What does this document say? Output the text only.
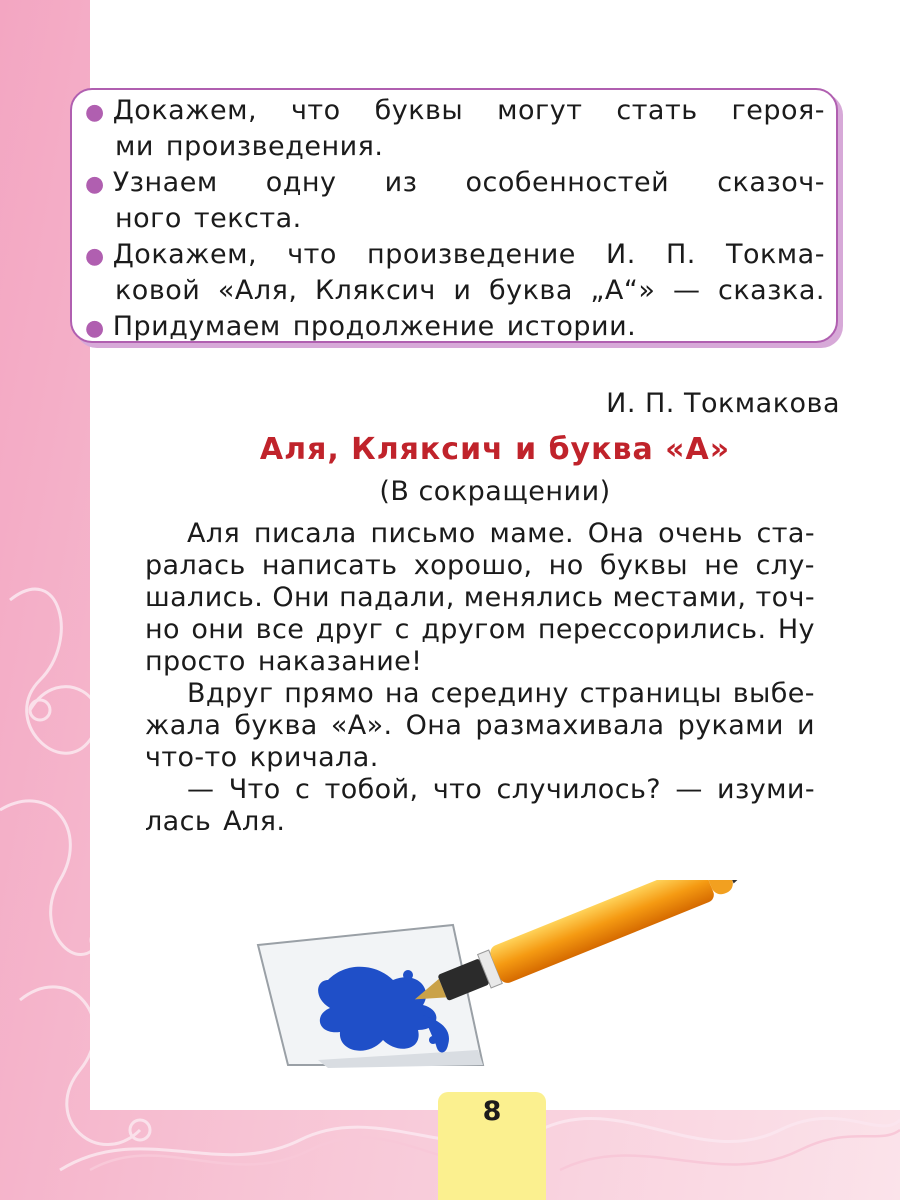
● Докажем, что буквы могут стать героя-
ми произведения.
● Узнаем одну из особенностей сказоч-
ного текста.
● Докажем, что произведение И. П. Токма-
ковой «Аля, Кляксич и буква „А“» — сказка.
● Придумаем продолжение истории.
И. П. Токмакова
Аля, Кляксич и буква «А»
(В сокращении)
Аля писала письмо маме. Она очень ста-
ралась написать хорошо, но буквы не слу-
шались. Они падали, менялись местами, точ-
но они все друг с другом перессорились. Ну
просто наказание!
Вдруг прямо на середину страницы выбе-
жала буква «А». Она размахивала руками и
что-то кричала.
— Что с тобой, что случилось? — изуми-
лась Аля.
8
